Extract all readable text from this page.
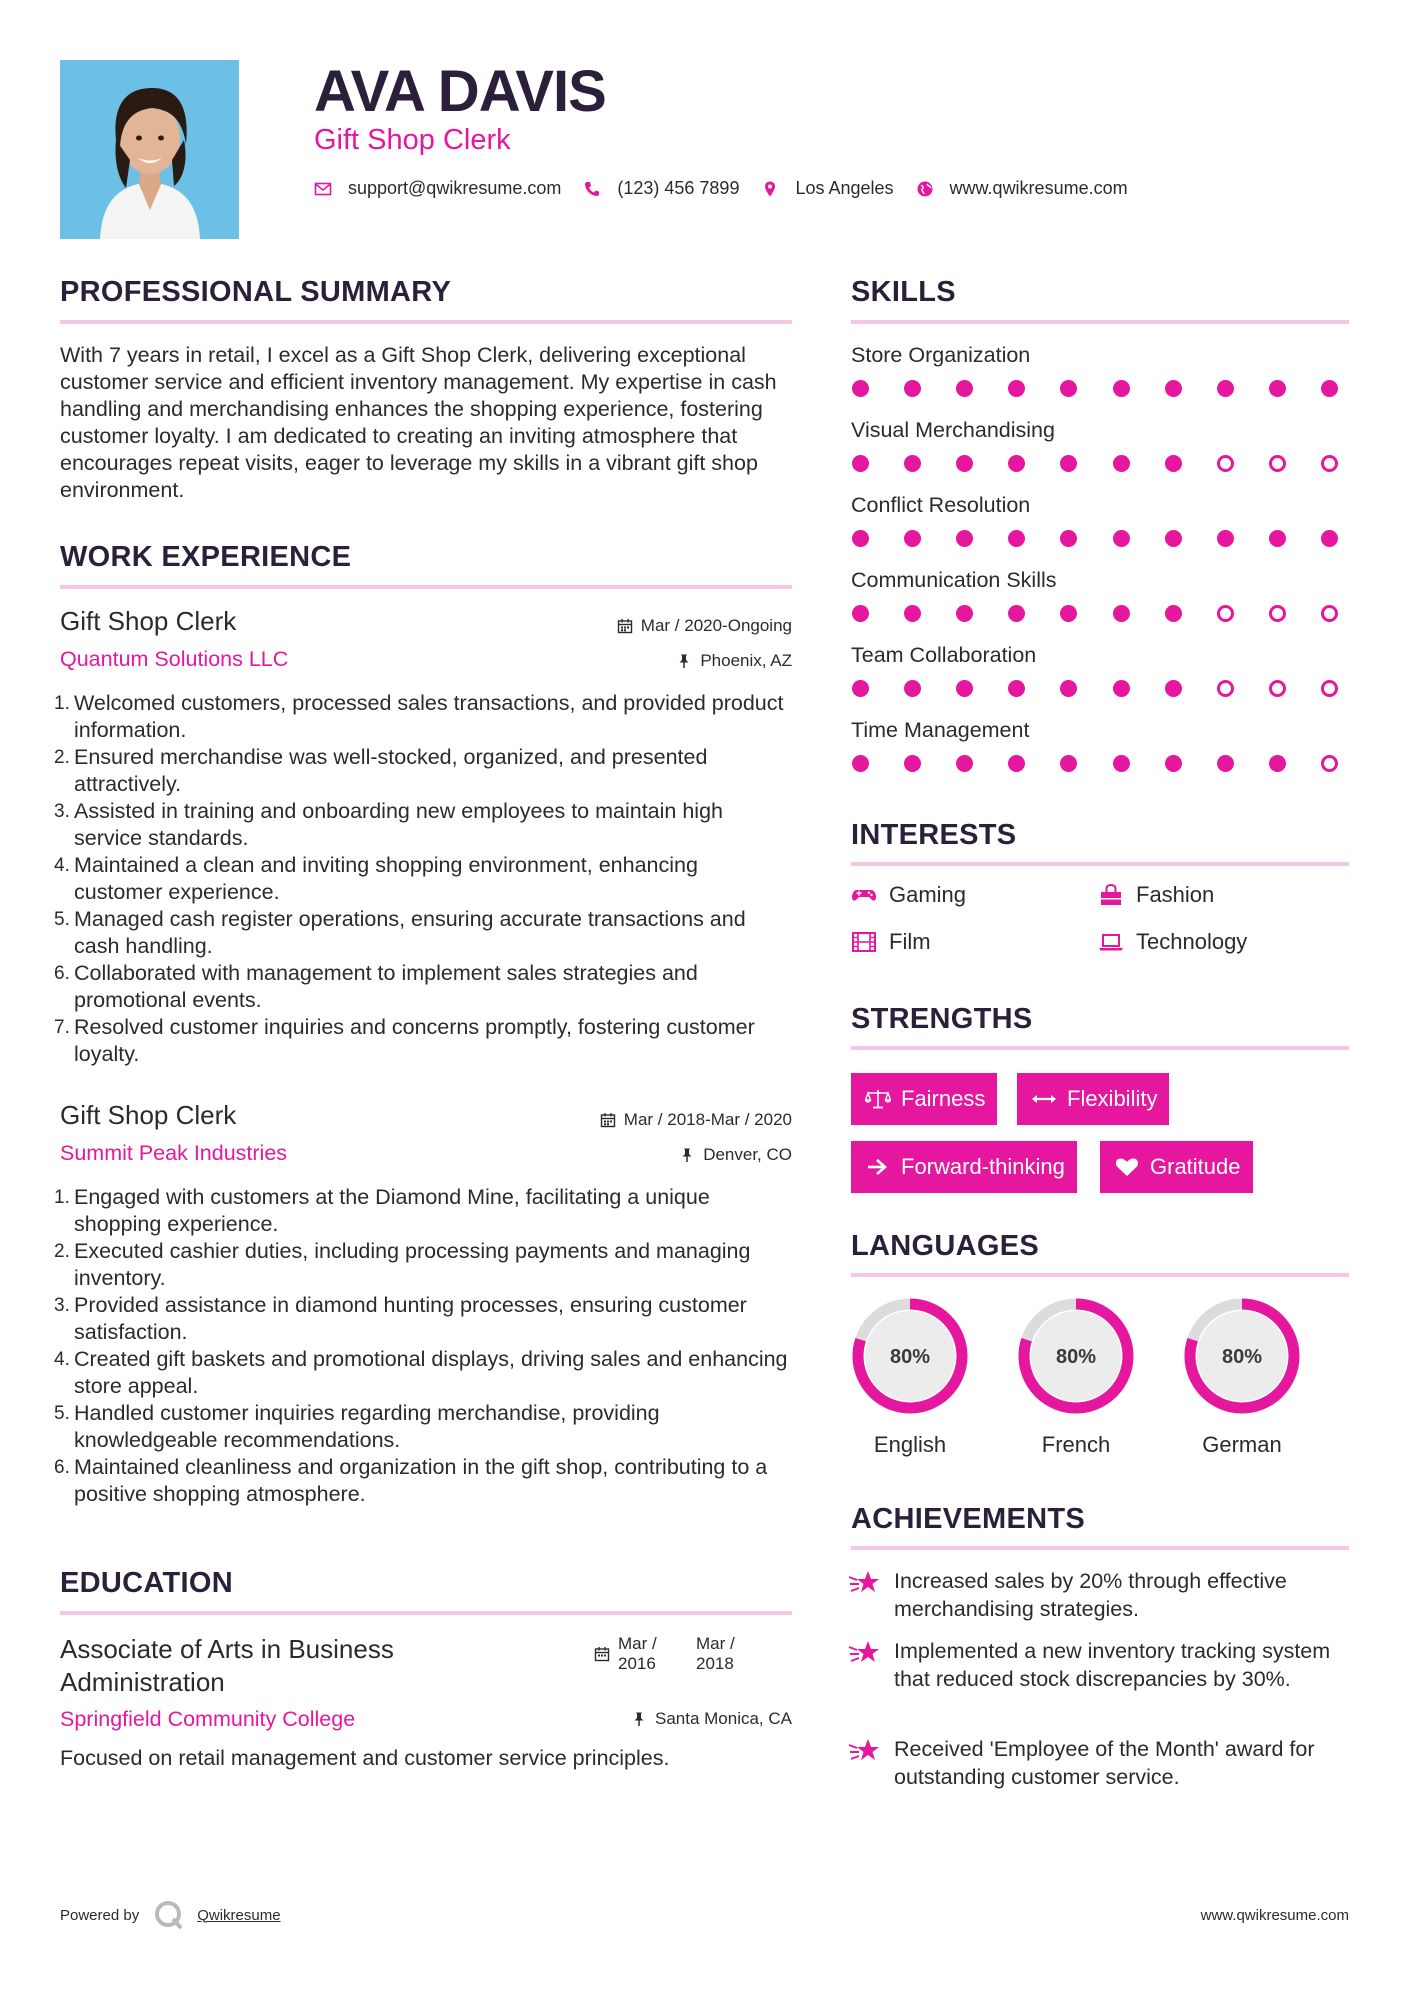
AVA DAVIS
Gift Shop Clerk
support@qwikresume.com	(123) 456 7899	Los Angeles	www.qwikresume.com
PROFESSIONAL SUMMARY
With 7 years in retail, I excel as a Gift Shop Clerk, delivering exceptional customer service and efficient inventory management. My expertise in cash handling and merchandising enhances the shopping experience, fostering customer loyalty. I am dedicated to creating an inviting atmosphere that encourages repeat visits, eager to leverage my skills in a vibrant gift shop environment.
WORK EXPERIENCE
Gift Shop Clerk	Mar / 2020-Ongoing
Quantum Solutions LLC	Phoenix, AZ
1. Welcomed customers, processed sales transactions, and provided product information.
2. Ensured merchandise was well-stocked, organized, and presented attractively.
3. Assisted in training and onboarding new employees to maintain high service standards.
4. Maintained a clean and inviting shopping environment, enhancing customer experience.
5. Managed cash register operations, ensuring accurate transactions and cash handling.
6. Collaborated with management to implement sales strategies and promotional events.
7. Resolved customer inquiries and concerns promptly, fostering customer loyalty.
Gift Shop Clerk	Mar / 2018-Mar / 2020
Summit Peak Industries	Denver, CO
1. Engaged with customers at the Diamond Mine, facilitating a unique shopping experience.
2. Executed cashier duties, including processing payments and managing inventory.
3. Provided assistance in diamond hunting processes, ensuring customer satisfaction.
4. Created gift baskets and promotional displays, driving sales and enhancing store appeal.
5. Handled customer inquiries regarding merchandise, providing knowledgeable recommendations.
6. Maintained cleanliness and organization in the gift shop, contributing to a positive shopping atmosphere.
EDUCATION
Associate of Arts in Business Administration
Mar /
2016
Mar /
2018
Springfield Community College	Santa Monica, CA
Focused on retail management and customer service principles.
SKILLS
Store Organization
Visual Merchandising
Conflict Resolution
Communication Skills
Team Collaboration
Time Management
INTERESTS
Gaming	Fashion
Film	Technology
STRENGTHS
Fairness	Flexibility
Forward-thinking	Gratitude
LANGUAGES
80%
English
80%
French
80%
German
ACHIEVEMENTS
Increased sales by 20% through effective merchandising strategies.
Implemented a new inventory tracking system that reduced stock discrepancies by 30%.
Received 'Employee of the Month' award for outstanding customer service.
Powered by	Qwikresume	www.qwikresume.com
